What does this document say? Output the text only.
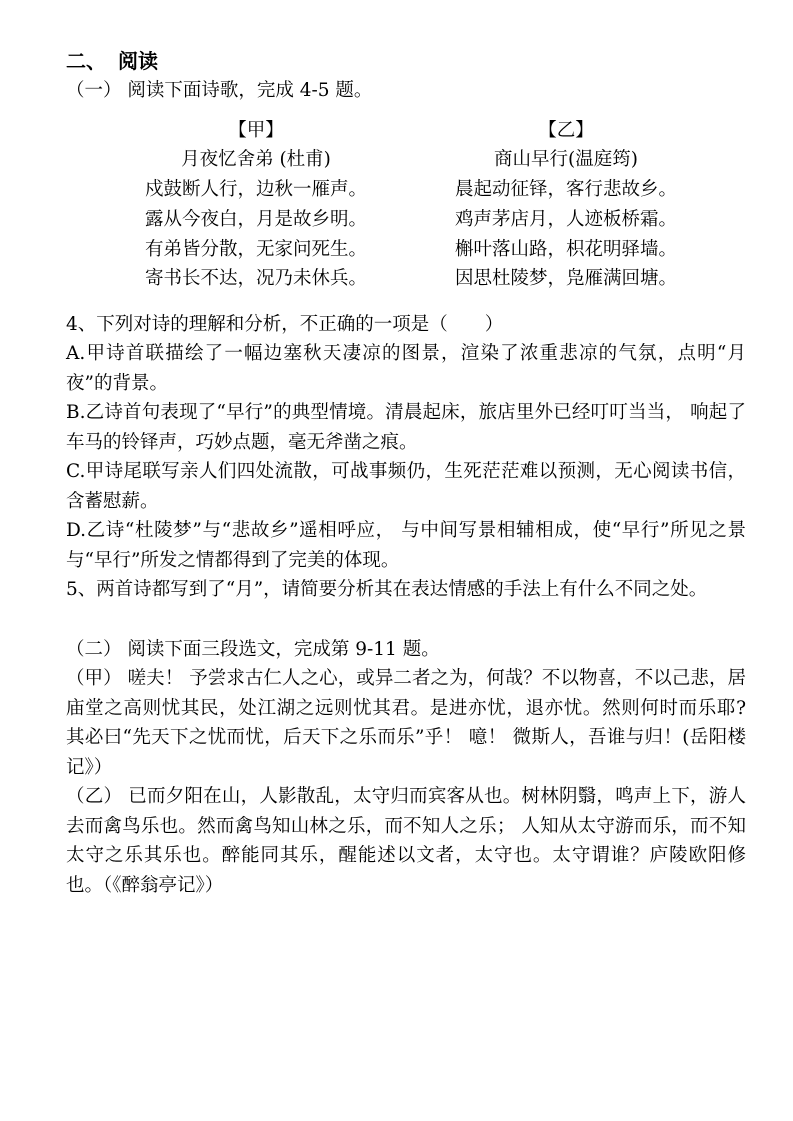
二、 阅读

（一） 阅读下面诗歌，完成 4-5 题。

【甲】

月夜忆舍弟 (杜甫)

戍鼓断人行，边秋一雁声。

露从今夜白，月是故乡明。

有弟皆分散，无家问死生。

寄书长不达，况乃未休兵。

【乙】

商山早行(温庭筠)

晨起动征铎，客行悲故乡。

鸡声茅店月，人迹板桥霜。

槲叶落山路，枳花明驿墙。

因思杜陵梦，凫雁满回塘。

4、下列对诗的理解和分析，不正确的一项是（　　）

A.甲诗首联描绘了一幅边塞秋天凄凉的图景，渲染了浓重悲凉的气氛，点明“月夜”的背景。

B.乙诗首句表现了“早行”的典型情境。清晨起床，旅店里外已经叮叮当当， 响起了车马的铃铎声，巧妙点题，毫无斧凿之痕。

C.甲诗尾联写亲人们四处流散，可战事频仍，生死茫茫难以预测，无心阅读书信，含蓄慰薪。

D.乙诗“杜陵梦”与“悲故乡”遥相呼应， 与中间写景相辅相成，使“早行”所见之景与“早行”所发之情都得到了完美的体现。

5、两首诗都写到了“月”，请简要分析其在表达情感的手法上有什么不同之处。

（二） 阅读下面三段选文，完成第 9-11 题。

（甲） 嗟夫！ 予尝求古仁人之心，或异二者之为，何哉？不以物喜，不以己悲，居庙堂之高则忧其民，处江湖之远则忧其君。是进亦忧，退亦忧。然则何时而乐耶? 其必曰“先天下之忧而忧，后天下之乐而乐”乎！ 噫！ 微斯人，吾谁与归！(岳阳楼记》）

（乙） 已而夕阳在山，人影散乱，太守归而宾客从也。树林阴翳，鸣声上下，游人去而禽鸟乐也。然而禽鸟知山林之乐，而不知人之乐； 人知从太守游而乐，而不知太守之乐其乐也。醉能同其乐，醒能述以文者，太守也。太守谓谁？庐陵欧阳修也。（《醉翁亭记》）
